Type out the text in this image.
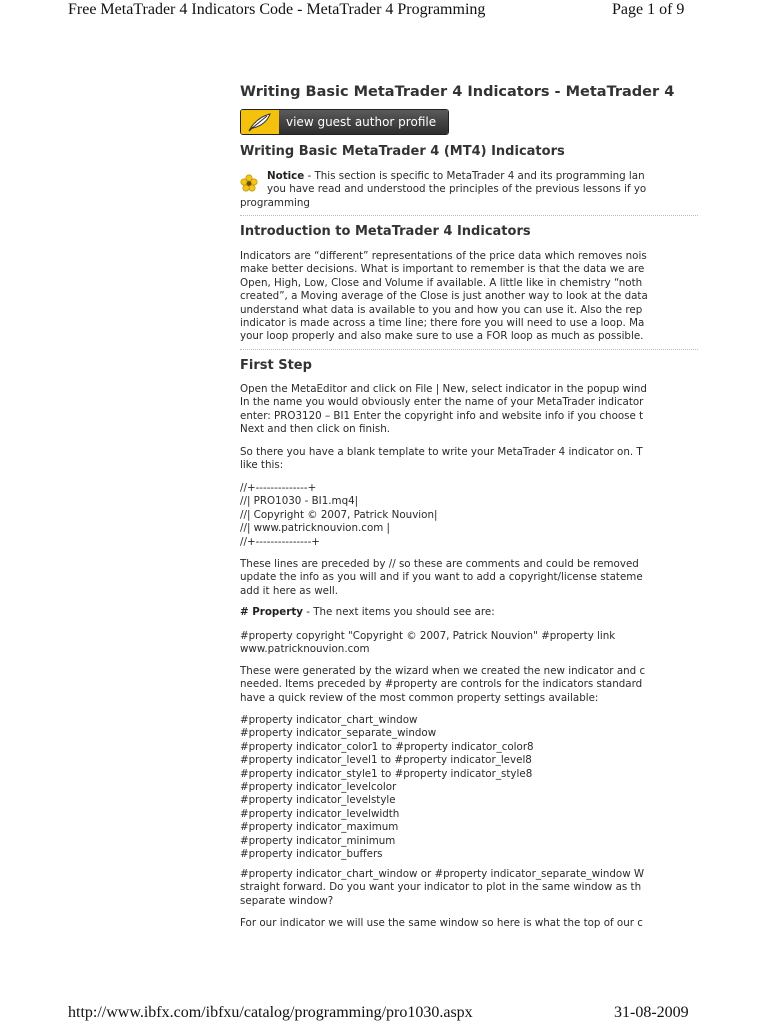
Free MetaTrader 4 Indicators Code - MetaTrader 4 Programming	Page 1 of 9
Writing Basic MetaTrader 4 Indicators - MetaTrader 4
view guest author profile
Writing Basic MetaTrader 4 (MT4) Indicators

Notice - This section is specific to MetaTrader 4 and its programming lan
you have read and understood the principles of the previous lessons if yo

programming

Introduction to MetaTrader 4 Indicators

Indicators are “different” representations of the price data which removes nois

make better decisions. What is important to remember is that the data we are

Open, High, Low, Close and Volume if available. A little like in chemistry “noth

created”, a Moving average of the Close is just another way to look at the data

understand what data is available to you and how you can use it. Also the rep

indicator is made across a time line; there fore you will need to use a loop. Ma

your loop properly and also make sure to use a FOR loop as much as possible.

First Step

Open the MetaEditor and click on File | New, select indicator in the popup wind

In the name you would obviously enter the name of your MetaTrader indicator

enter: PRO3120 – BI1 Enter the copyright info and website info if you choose t

Next and then click on finish.

So there you have a blank template to write your MetaTrader 4 indicator on. T

like this:

//+--------------+

//| PRO1030 - BI1.mq4|

//| Copyright © 2007, Patrick Nouvion|

//| www.patricknouvion.com |

//+---------------+

These lines are preceded by // so these are comments and could be removed

update the info as you will and if you want to add a copyright/license stateme

add it here as well.

# Property - The next items you should see are:

#property copyright "Copyright © 2007, Patrick Nouvion" #property link

www.patricknouvion.com

These were generated by the wizard when we created the new indicator and c

needed. Items preceded by #property are controls for the indicators standard

have a quick review of the most common property settings available:

#property indicator_chart_window

#property indicator_separate_window

#property indicator_color1 to #property indicator_color8

#property indicator_level1 to #property indicator_level8

#property indicator_style1 to #property indicator_style8

#property indicator_levelcolor

#property indicator_levelstyle

#property indicator_levelwidth

#property indicator_maximum

#property indicator_minimum

#property indicator_buffers

#property indicator_chart_window or #property indicator_separate_window W

straight forward. Do you want your indicator to plot in the same window as th

separate window?

For our indicator we will use the same window so here is what the top of our c

http://www.ibfx.com/ibfxu/catalog/programming/pro1030.aspx	31-08-2009
